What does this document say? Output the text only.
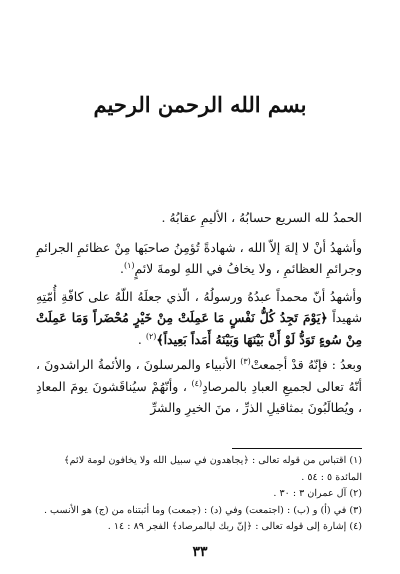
بسم الله الرحمن الرحيم

الحمدُ لله السريع حسابُهُ ، الأليمِ عقابُهُ .

وأشهدُ أنْ لا إلهَ إلاّ الله ، شهادةً تُؤمِنُ صاحبَها مِنْ عظائمِ الجرائمِ وجرائمِ العظائمِ ، ولا يخافُ في اللهِ لومةَ لائمٍ$^{(١)}$.

وأشهدُ أنّ محمداً عبدُهُ ورسولُهُ ، الّذي جعلَهُ اللّهُ على كافّةِ أُمّتِهِ شهيداً ﴿يَوْمَ تَجِدُ كُلُّ نَفْسٍ مَا عَمِلَتْ مِنْ خَيْرٍ مُحْضَراً وَمَا عَمِلَتْ مِنْ سُوءٍ تَوَدُّ لَوْ أَنَّ بَيْنَهَا وَبَيْنَهُ أَمَداً بَعِيداً﴾$^{(٢)}$ .

وبعدُ : فإنّهُ قدْ أجمعتْ$^{(٣)}$ الأنبياء والمرسلونَ ، والأئمةُ الراشدونَ ، أنّهُ تعالى لجميعِ العبادِ بالمرصادِ$^{(٤)}$ ، وأنّهُمْ سيُناقَشونَ يومَ المعادِ ، ويُطالَبُونَ بمثاقيلِ الذرِّ ، منَ الخيرِ والشرِّ

(١) اقتباس من قوله تعالى : ﴿يجاهدون في سبيل الله ولا يخافون لومة لائم﴾ المائدة ٥ : ٥٤ .

(٢) آل عمران ٣ : ٣٠ .

(٣) في (أ) و (ب) : (اجتمعت) وفي (د) : (جمعت) وما أثبتناه من (ج) هو الأنسب .

(٤) إشارة إلى قوله تعالى : ﴿إنّ ربك لبالمرصاد﴾ الفجر ٨٩ : ١٤ .

٣٣
